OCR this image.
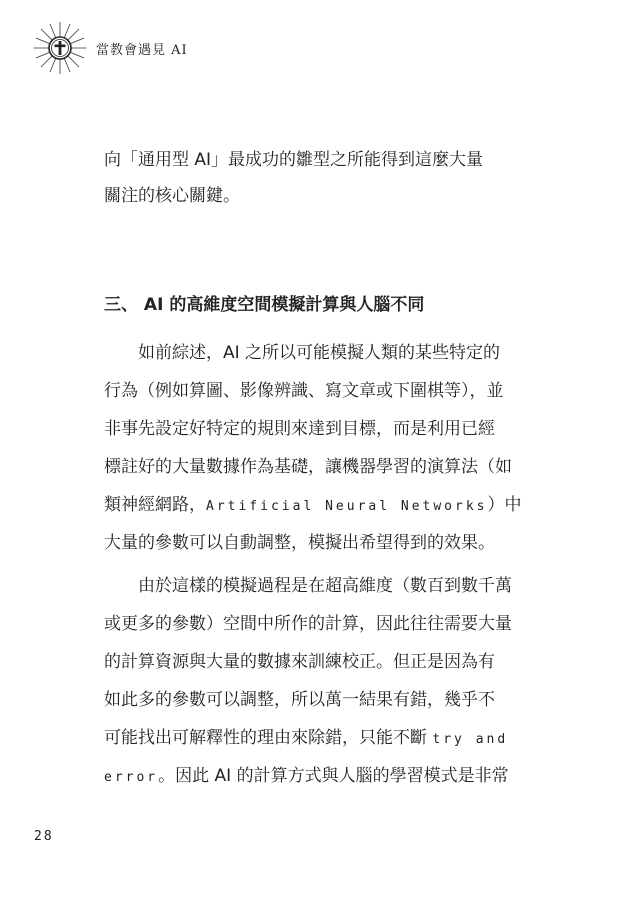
當教會遇見 AI
向「通用型 AI」最成功的雛型之所能得到這麼大量
關注的核心關鍵。
三、 AI 的高維度空間模擬計算與人腦不同
　　如前綜述，AI 之所以可能模擬人類的某些特定的
行為（例如算圖、影像辨識、寫文章或下圍棋等），並
非事先設定好特定的規則來達到目標，而是利用已經
標註好的大量數據作為基礎，讓機器學習的演算法（如
類神經網路，Artificial Neural Networks）中
大量的參數可以自動調整，模擬出希望得到的效果。
　　由於這樣的模擬過程是在超高維度（數百到數千萬
或更多的參數）空間中所作的計算，因此往往需要大量
的計算資源與大量的數據來訓練校正。但正是因為有
如此多的參數可以調整，所以萬一結果有錯，幾乎不
可能找出可解釋性的理由來除錯，只能不斷 try and
error。因此 AI 的計算方式與人腦的學習模式是非常
28
